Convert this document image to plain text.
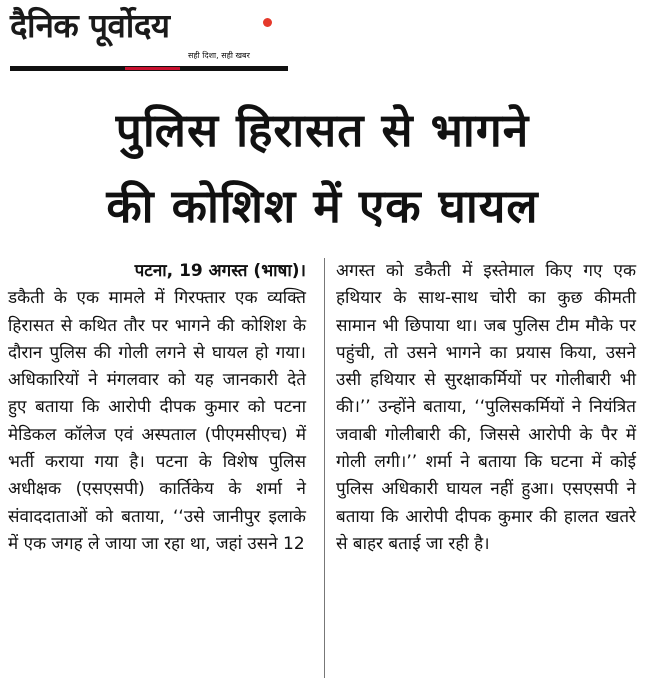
दैनिक पूर्वोदय
सही दिशा, सही खबर
पुलिस हिरासत से भागने
की कोशिश में एक घायल
पटना, 19 अगस्त (भाषा)।
डकैती के एक मामले में गिरफ्तार एक व्यक्ति हिरासत से कथित तौर पर भागने की कोशिश के दौरान पुलिस की गोली लगने से घायल हो गया। अधिकारियों ने मंगलवार को यह जानकारी देते हुए बताया कि आरोपी दीपक कुमार को पटना मेडिकल कॉलेज एवं अस्पताल (पीएमसीएच) में भर्ती कराया गया है। पटना के विशेष पुलिस अधीक्षक (एसएसपी) कार्तिकेय के शर्मा ने संवाददाताओं को बताया, ‘‘उसे जानीपुर इलाके में एक जगह ले जाया जा रहा था, जहां उसने 12
अगस्त को डकैती में इस्तेमाल किए गए एक हथियार के साथ-साथ चोरी का कुछ कीमती सामान भी छिपाया था। जब पुलिस टीम मौके पर पहुंची, तो उसने भागने का प्रयास किया, उसने उसी हथियार से सुरक्षाकर्मियों पर गोलीबारी भी की।’’ उन्होंने बताया, ‘‘पुलिसकर्मियों ने नियंत्रित जवाबी गोलीबारी की, जिससे आरोपी के पैर में गोली लगी।’’ शर्मा ने बताया कि घटना में कोई पुलिस अधिकारी घायल नहीं हुआ। एसएसपी ने बताया कि आरोपी दीपक कुमार की हालत खतरे से बाहर बताई जा रही है।
